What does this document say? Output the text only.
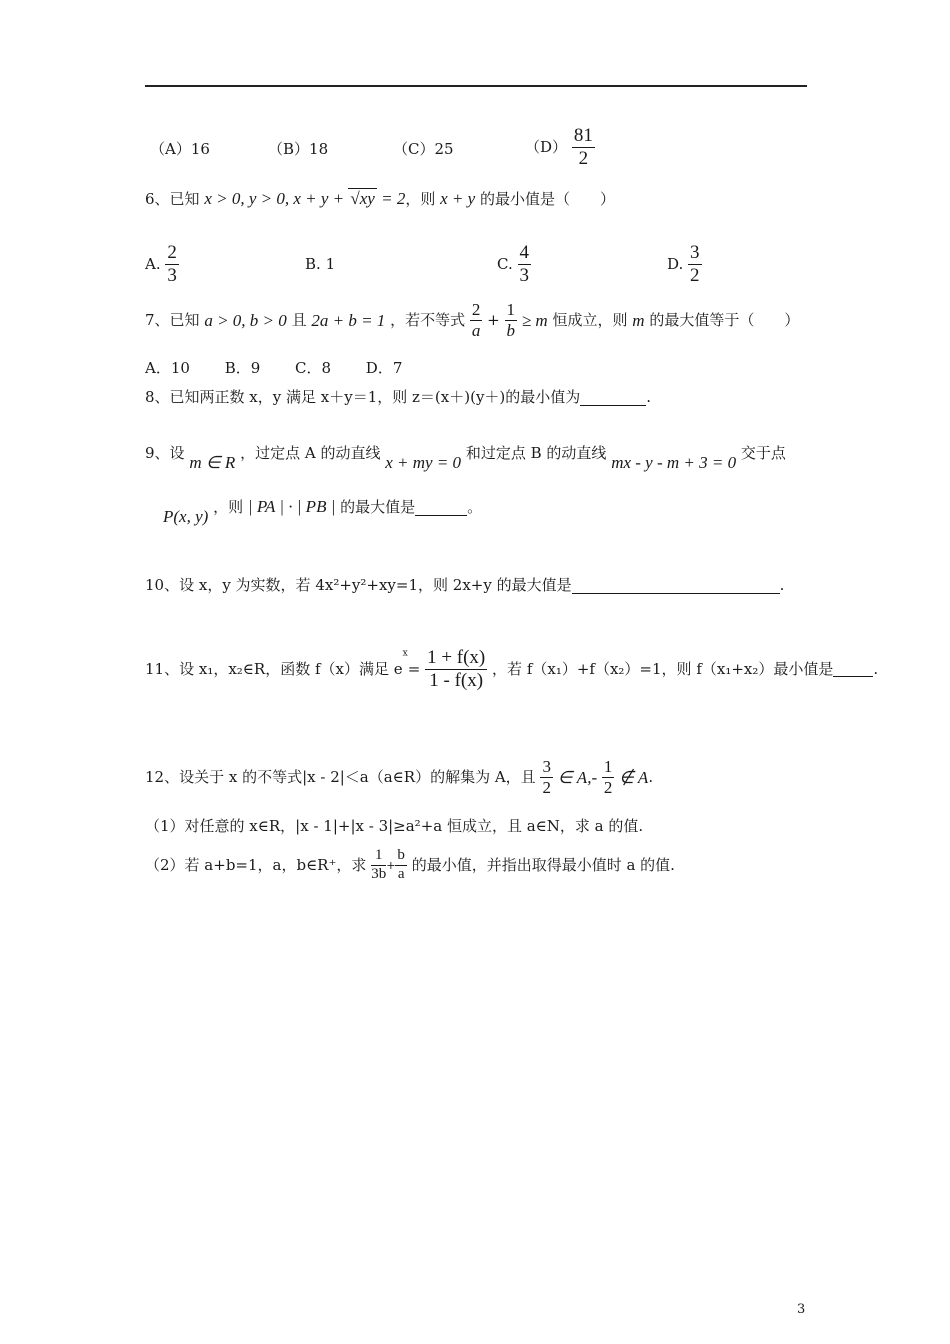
（A）16	（B）18	（C）25	$(D) \frac{81}{2}$
6、已知 x > 0, y > 0, x + y + √xy = 2，则 x + y 的最小值是（　　）
A. $\frac{2}{3}$	B. 1	C. $\frac{4}{3}$	D. $\frac{3}{2}$
7、已知 a > 0, b > 0 且 2a + b = 1 ，若不等式 $\frac{2}{a} + \frac{1}{b} \ge m$ 恒成立，则 m 的最大值等于（　　）
A．10　　 B．9　　 C．8　　 D．7
8、已知两正数 x，y 满足 x＋y＝1，则 z＝(x＋)(y＋)的最小值为	.
9、设 m ∈ R ，过定点 A 的动直线 x + my = 0 和过定点 B 的动直线 mx - y - m + 3 = 0 交于点
P(x, y) ，则 | PA | · | PB | 的最大值是	。
10、设 x，y 为实数，若 4x²+y²+xy=1，则 2x+y 的最大值是	.
11、设 x₁，x₂∈R，函数 f（x）满足 $e^x= \frac{1 + f(x)}{1 - f(x)}$ ，若 f（x₁）+f（x₂）=1，则 f（x₁+x₂）最小值是	.
12、设关于 x 的不等式|x - 2|＜a（a∈R）的解集为 A，且 $\frac{3}{2}$ ∈ $A,- \frac{1}{2}$ ∉ A.
（1）对任意的 x∈R，|x - 1|+|x - 3|≥a²+a 恒成立，且 a∈N，求 a 的值.
（2）若 a+b=1，a，b∈R⁺，求 $\frac{1}{3b} + \frac{b}{a}$ 的最小值，并指出取得最小值时 a 的值.
3
